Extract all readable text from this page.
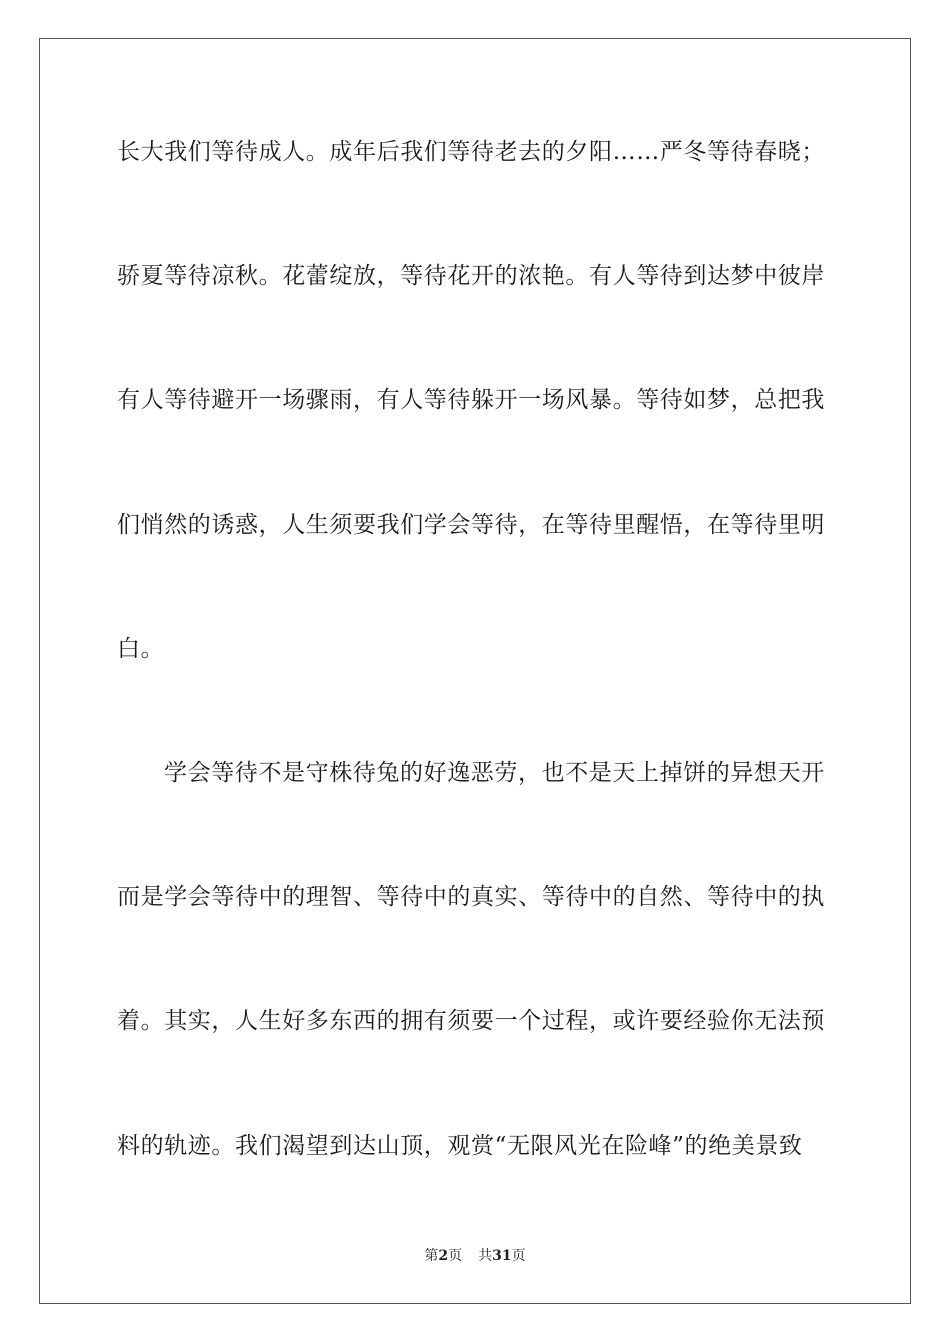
长大我们等待成人。成年后我们等待老去的夕阳……严冬等待春晓；
骄夏等待凉秋。花蕾绽放，等待花开的浓艳。有人等待到达梦中彼岸
有人等待避开一场骤雨，有人等待躲开一场风暴。等待如梦，总把我
们悄然的诱惑，人生须要我们学会等待，在等待里醒悟，在等待里明
白。
学会等待不是守株待兔的好逸恶劳，也不是天上掉饼的异想天开
而是学会等待中的理智、等待中的真实、等待中的自然、等待中的执
着。其实，人生好多东西的拥有须要一个过程，或许要经验你无法预
料的轨迹。我们渴望到达山顶，观赏“无限风光在险峰”的绝美景致
第2页 共31页
